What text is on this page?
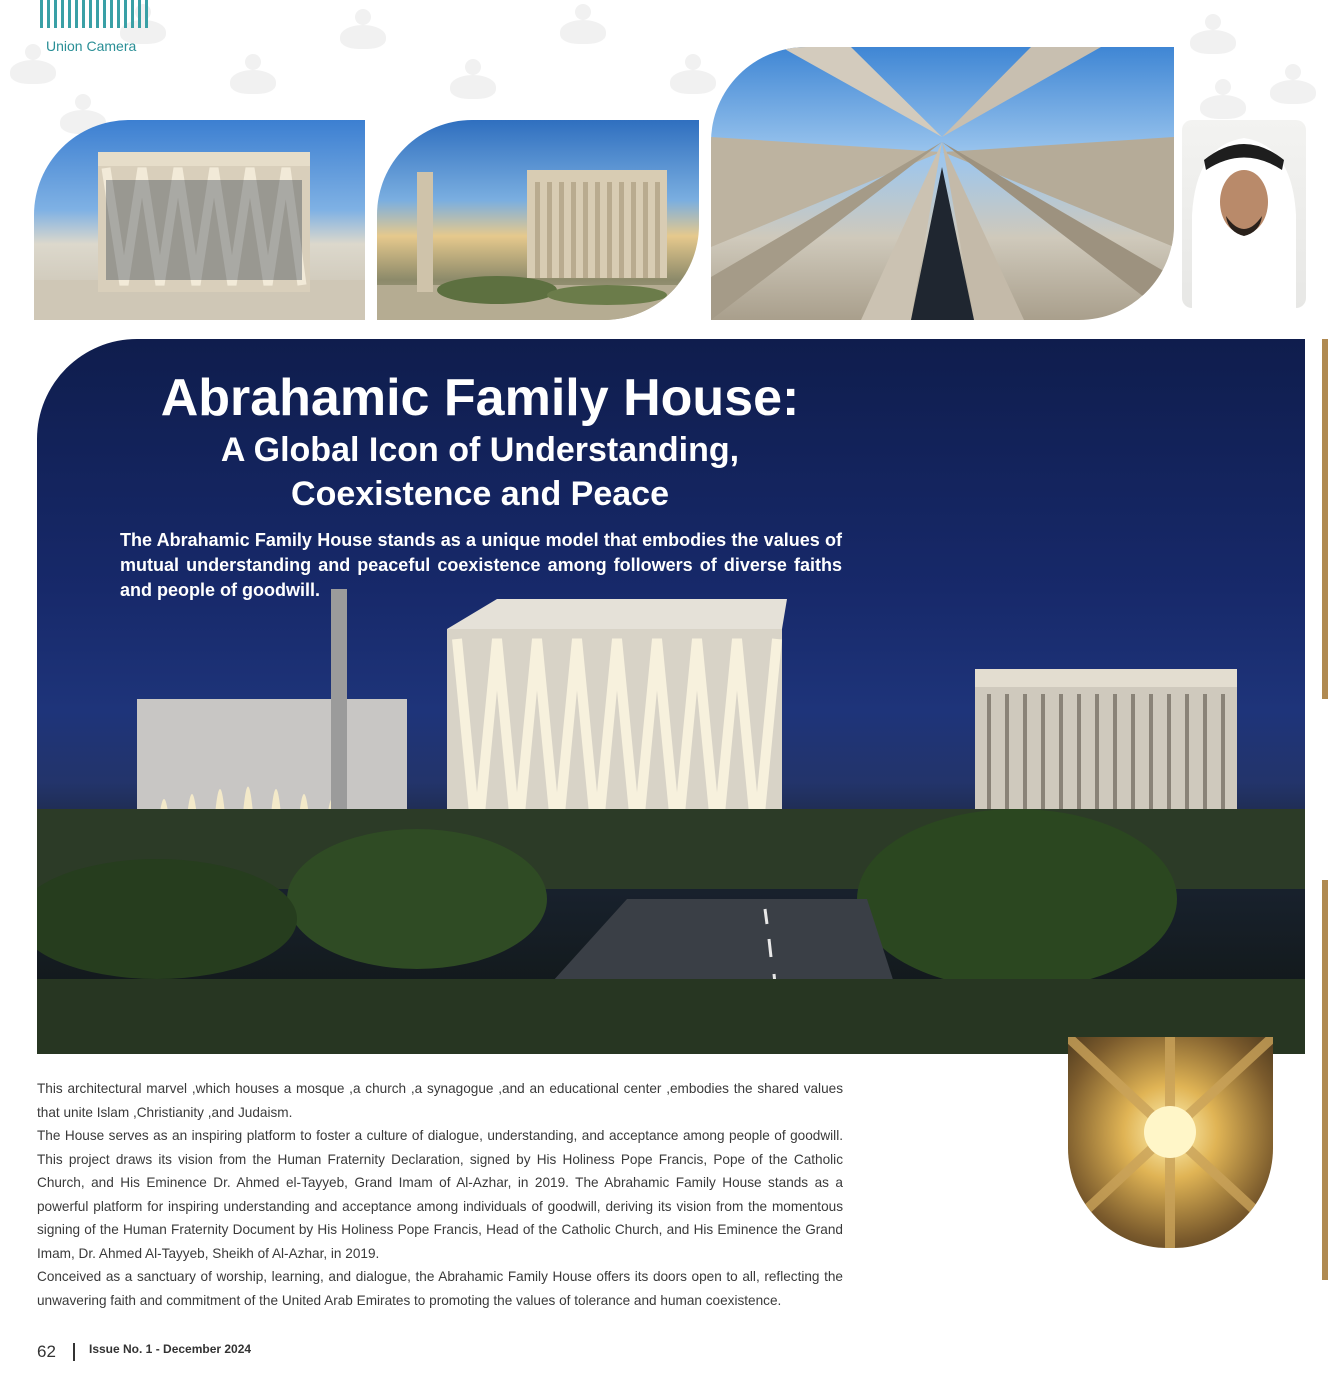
Union Camera
Abrahamic Family House:
A Global Icon of Understanding,
Coexistence and Peace
The Abrahamic Family House stands as a unique model that embodies the values of mutual understanding and peaceful coexistence among followers of diverse faiths and people of goodwill.

This architectural marvel ,which houses a mosque ,a church ,a synagogue ,and an educational center ,embodies the shared values that unite Islam ,Christianity ,and Judaism.

The House serves as an inspiring platform to foster a culture of dialogue, understanding, and acceptance among people of goodwill. This project draws its vision from the Human Fraternity Declaration, signed by His Holiness Pope Francis, Pope of the Catholic Church, and His Eminence Dr. Ahmed el-Tayyeb, Grand Imam of Al-Azhar, in 2019. The Abrahamic Family House stands as a powerful platform for inspiring understanding and acceptance among individuals of goodwill, deriving its vision from the momentous signing of the Human Fraternity Document by His Holiness Pope Francis, Head of the Catholic Church, and His Eminence the Grand Imam, Dr. Ahmed Al-Tayyeb, Sheikh of Al-Azhar, in 2019.

Conceived as a sanctuary of worship, learning, and dialogue, the Abrahamic Family House offers its doors open to all, reflecting the unwavering faith and commitment of the United Arab Emirates to promoting the values of tolerance and human coexistence.

62	Issue No. 1 - December 2024
